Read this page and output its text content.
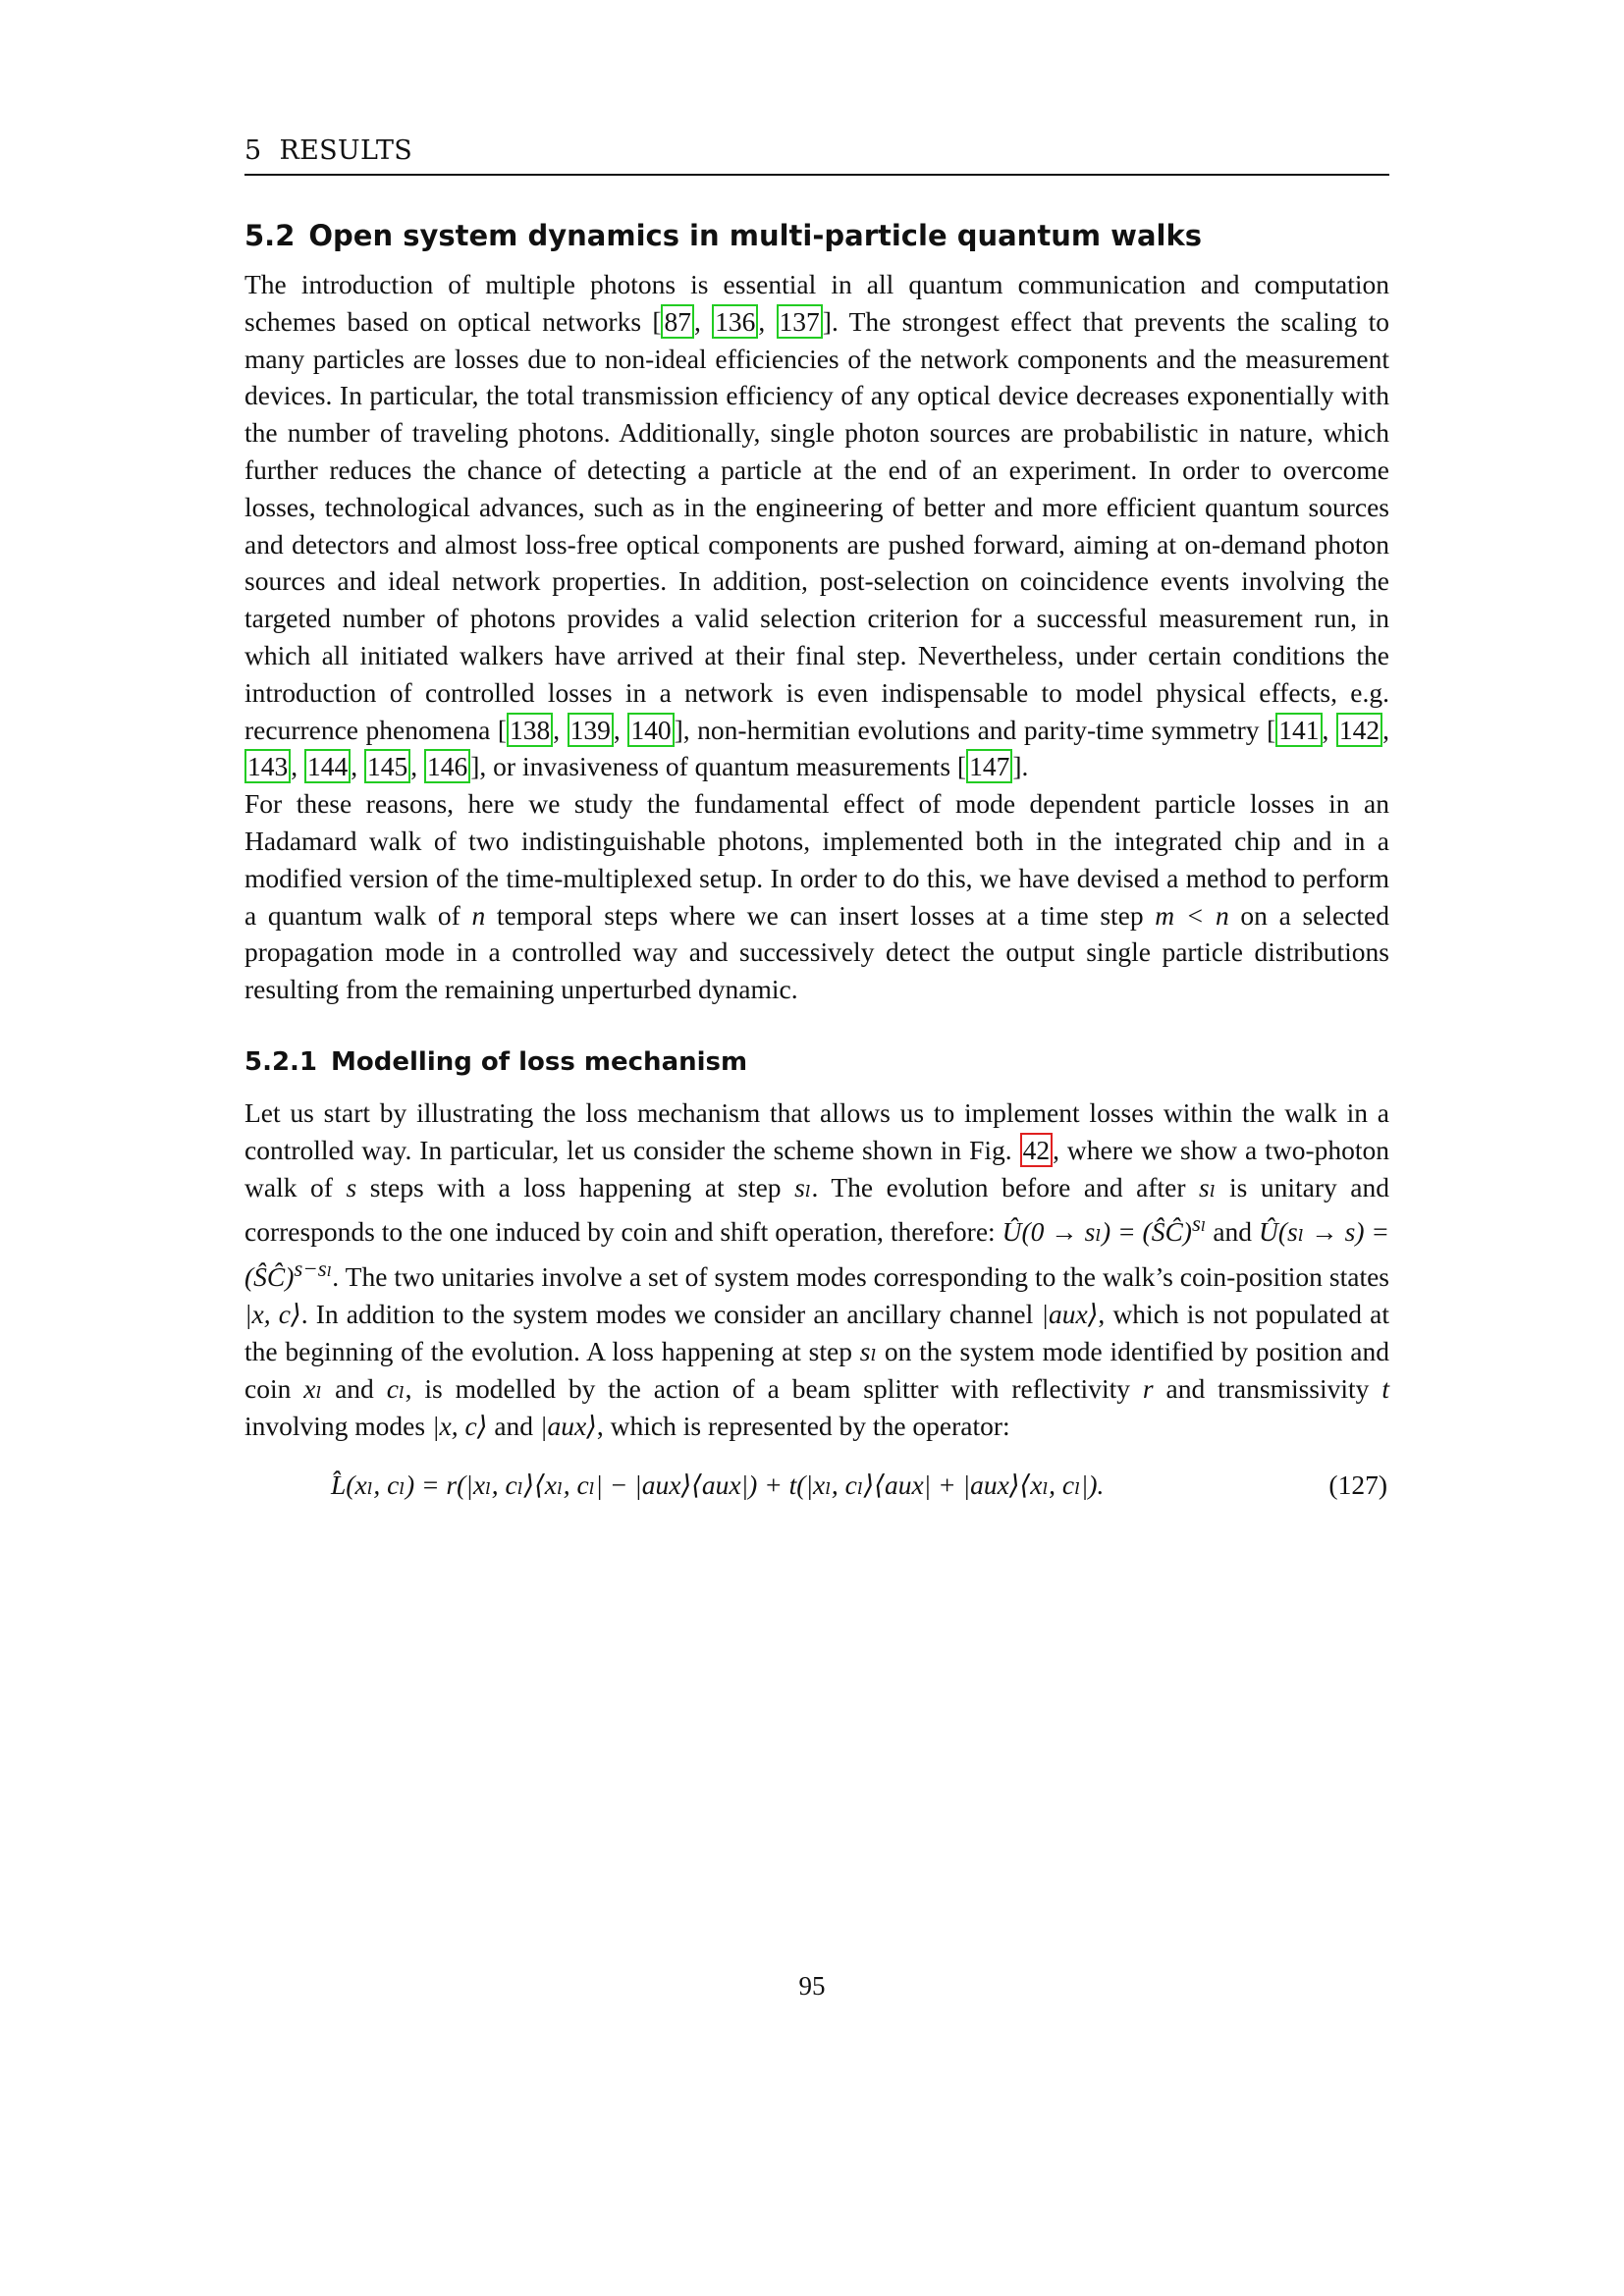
5 RESULTS
5.2 Open system dynamics in multi-particle quantum walks

The introduction of multiple photons is essential in all quantum communication and computation schemes based on optical networks [ 87 , 136 , 137 ]. The strongest effect that prevents the scaling to many particles are losses due to non-ideal efficiencies of the network components and the measurement devices. In particular, the total transmission efficiency of any optical device decreases exponentially with the number of traveling photons. Additionally, single photon sources are probabilistic in nature, which further reduces the chance of detecting a particle at the end of an experiment. In order to overcome losses, technological advances, such as in the engineering of better and more efficient quantum sources and detectors and almost loss-free optical components are pushed forward, aiming at on-demand photon sources and ideal network properties. In addition, post-selection on coincidence events involving the targeted number of photons provides a valid selection criterion for a successful measurement run, in which all initiated walkers have arrived at their final step. Nevertheless, under certain conditions the introduction of controlled losses in a network is even indispensable to model physical effects, e.g. recurrence phenomena [ 138 , 139 , 140 ], non-hermitian evolutions and parity-time symmetry [ 141 , 142 , 143 , 144 , 145 , 146 ], or invasiveness of quantum measurements [ 147 ].

For these reasons, here we study the fundamental effect of mode dependent particle losses in an Hadamard walk of two indistinguishable photons, implemented both in the integrated chip and in a modified version of the time-multiplexed setup. In order to do this, we have devised a method to perform a quantum walk of n temporal steps where we can insert losses at a time step m < n on a selected propagation mode in a controlled way and successively detect the output single particle distributions resulting from the remaining unperturbed dynamic.

5.2.1 Modelling of loss mechanism

Let us start by illustrating the loss mechanism that allows us to implement losses within the walk in a controlled way. In particular, let us consider the scheme shown in Fig. 42 , where we show a two-photon walk of s steps with a loss happening at step sₗ. The evolution before and after sₗ is unitary and corresponds to the one induced by coin and shift operation, therefore: Û(0 → sₗ) = (ŜĈ)$^{s_l}$ and Û(sₗ → s) = (ŜĈ)$^{s-s_l}$. The two unitaries involve a set of system modes corresponding to the walk’s coin-position states |x, c⟩. In addition to the system modes we consider an ancillary channel |aux⟩, which is not populated at the beginning of the evolution. A loss happening at step sₗ on the system mode identified by position and coin xₗ and cₗ, is modelled by the action of a beam splitter with reflectivity r and transmissivity t involving modes |x, c⟩ and |aux⟩, which is represented by the operator:

L̂(xₗ, cₗ) = r(|xₗ, cₗ⟩⟨xₗ, cₗ| − |aux⟩⟨aux|) + t(|xₗ, cₗ⟩⟨aux| + |aux⟩⟨xₗ, cₗ|).	(127)
95
